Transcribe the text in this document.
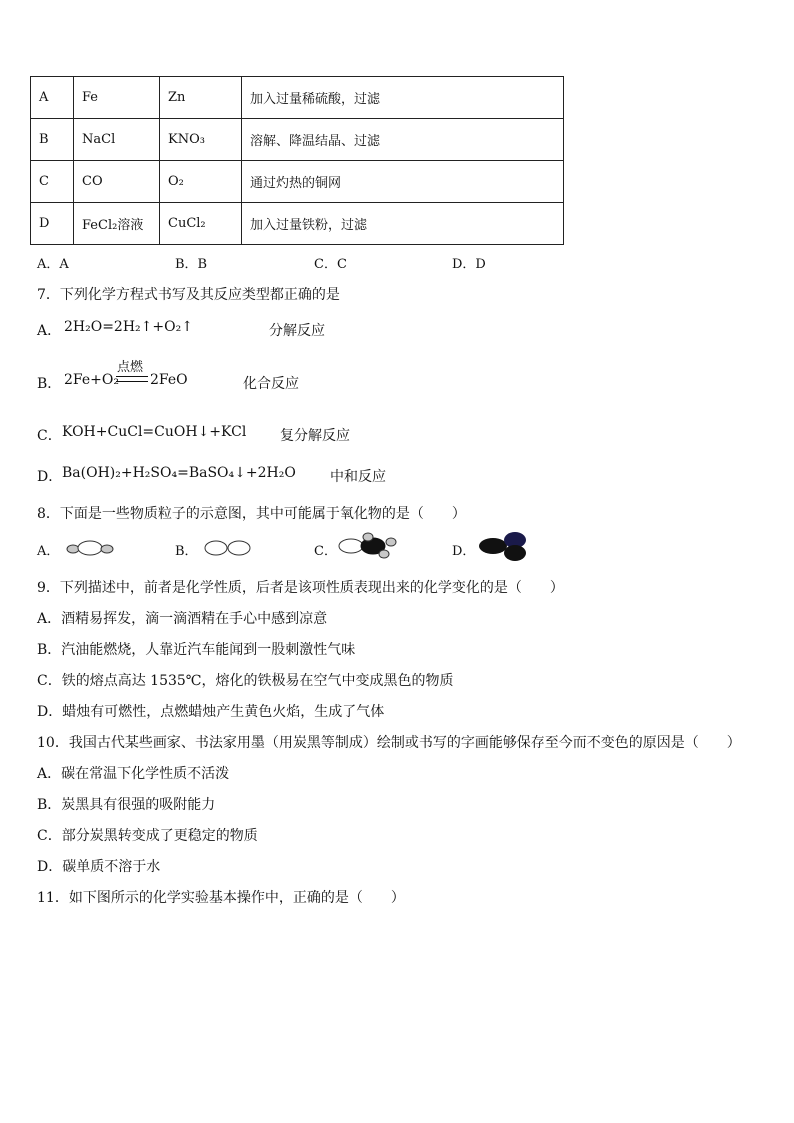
A	Fe	Zn	加入过量稀硫酸，过滤
B	NaCl	KNO₃	溶解、降温结晶、过滤
C	CO	O₂	通过灼热的铜网
D	FeCl₂溶液	CuCl₂	加入过量铁粉，过滤
A．A	B．B	C．C	D．D
7．下列化学方程式书写及其反应类型都正确的是
A． 2H₂O=2H₂↑+O₂↑	分解反应
B． 2Fe+O₂
点燃
2FeO	化合反应
C． KOH+CuCl=CuOH↓+KCl 复分解反应
D． Ba(OH)₂+H₂SO₄=BaSO₄↓+2H₂O 中和反应
8．下面是一些物质粒子的示意图，其中可能属于氧化物的是（　　）
A．	B．	C．	D．
9．下列描述中，前者是化学性质，后者是该项性质表现出来的化学变化的是（　　）
A．酒精易挥发，滴一滴酒精在手心中感到凉意
B．汽油能燃烧，人靠近汽车能闻到一股刺激性气味
C．铁的熔点高达 1535℃，熔化的铁极易在空气中变成黑色的物质
D．蜡烛有可燃性，点燃蜡烛产生黄色火焰，生成了气体
10．我国古代某些画家、书法家用墨（用炭黑等制成）绘制或书写的字画能够保存至今而不变色的原因是（　　）
A．碳在常温下化学性质不活泼
B．炭黑具有很强的吸附能力
C．部分炭黑转变成了更稳定的物质
D．碳单质不溶于水
11．如下图所示的化学实验基本操作中，正确的是（　　）
